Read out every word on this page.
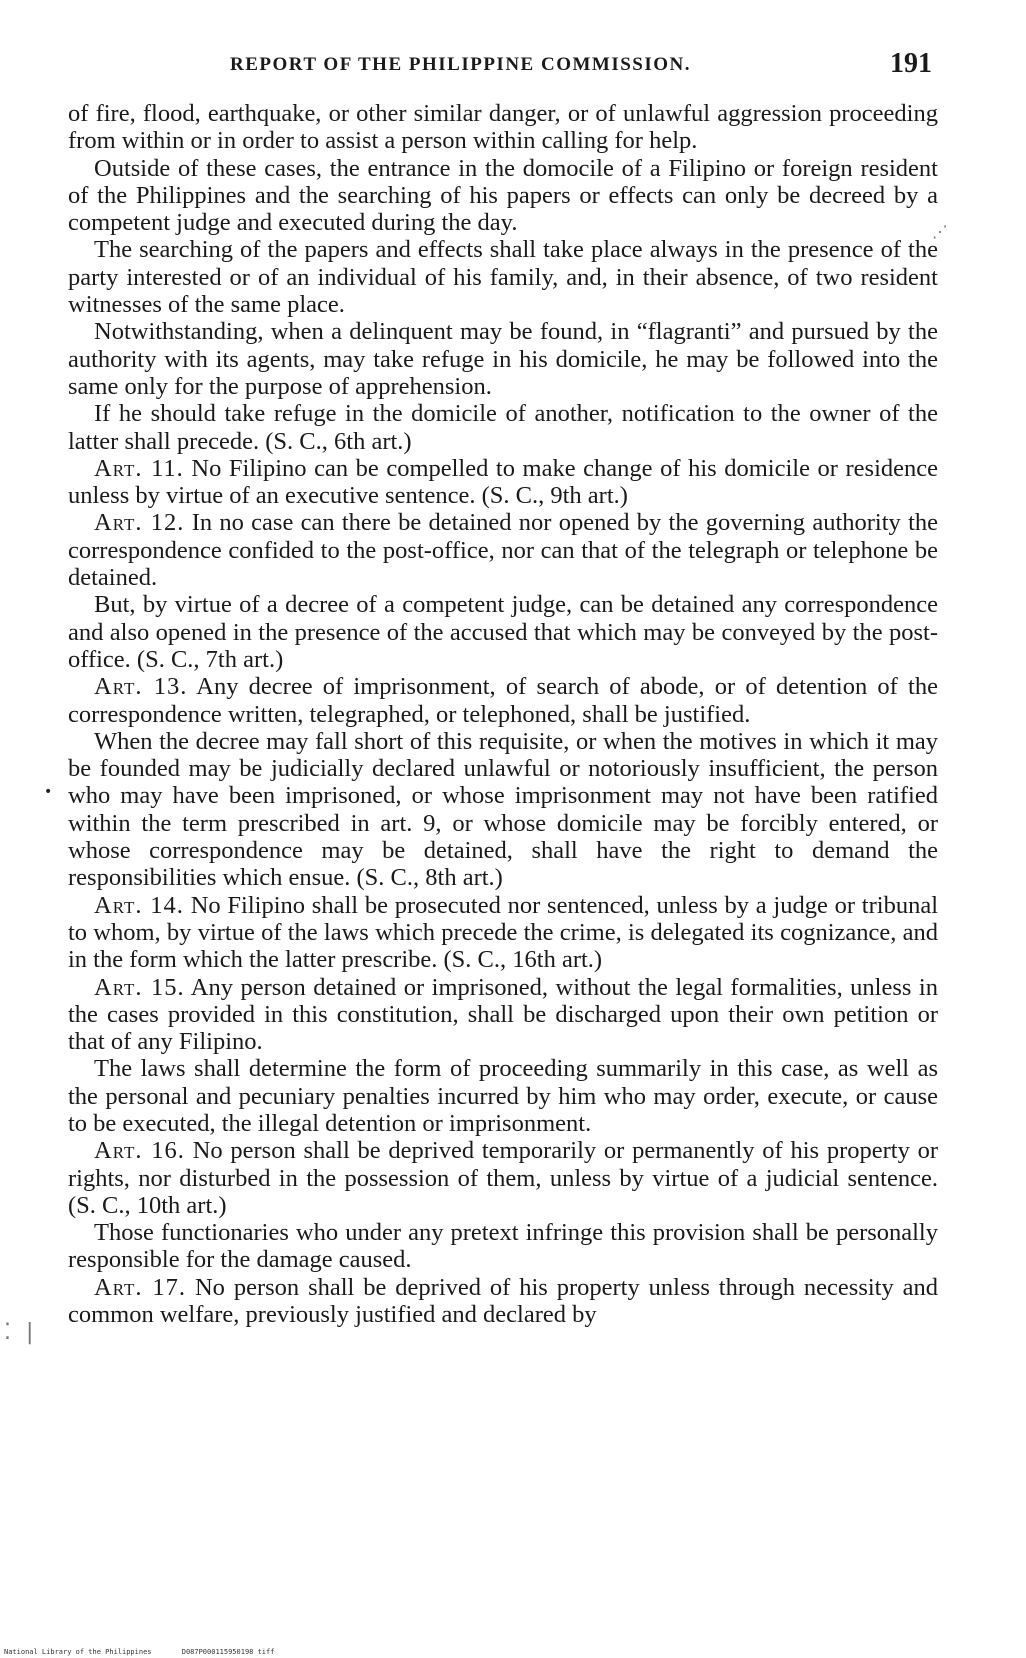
REPORT OF THE PHILIPPINE COMMISSION.	191

of fire, flood, earthquake, or other similar danger, or of unlawful aggression proceeding from within or in order to assist a person within calling for help.

Outside of these cases, the entrance in the domocile of a Filipino or foreign resident of the Philippines and the searching of his papers or effects can only be decreed by a competent judge and executed during the day.

The searching of the papers and effects shall take place always in the presence of the party interested or of an individual of his family, and, in their absence, of two resident witnesses of the same place.

Notwithstanding, when a delinquent may be found, in “flagranti” and pursued by the authority with its agents, may take refuge in his domicile, he may be followed into the same only for the purpose of apprehension.

If he should take refuge in the domicile of another, notification to the owner of the latter shall precede. (S. C., 6th art.)

Art. 11. No Filipino can be compelled to make change of his domicile or residence unless by virtue of an executive sentence. (S. C., 9th art.)

Art. 12. In no case can there be detained nor opened by the governing authority the correspondence confided to the post-office, nor can that of the telegraph or telephone be detained.

But, by virtue of a decree of a competent judge, can be detained any correspondence and also opened in the presence of the accused that which may be conveyed by the post-office. (S. C., 7th art.)

Art. 13. Any decree of imprisonment, of search of abode, or of detention of the correspondence written, telegraphed, or telephoned, shall be justified.

When the decree may fall short of this requisite, or when the motives in which it may be founded may be judicially declared unlawful or notoriously insufficient, the person who may have been imprisoned, or whose imprisonment may not have been ratified within the term prescribed in art. 9, or whose domicile may be forcibly entered, or whose correspondence may be detained, shall have the right to demand the responsibilities which ensue. (S. C., 8th art.)

Art. 14. No Filipino shall be prosecuted nor sentenced, unless by a judge or tribunal to whom, by virtue of the laws which precede the crime, is delegated its cognizance, and in the form which the latter prescribe. (S. C., 16th art.)

Art. 15. Any person detained or imprisoned, without the legal formalities, unless in the cases provided in this constitution, shall be discharged upon their own petition or that of any Filipino.

The laws shall determine the form of proceeding summarily in this case, as well as the personal and pecuniary penalties incurred by him who may order, execute, or cause to be executed, the illegal detention or imprisonment.

Art. 16. No person shall be deprived temporarily or permanently of his property or rights, nor disturbed in the possession of them, unless by virtue of a judicial sentence. (S. C., 10th art.)

Those functionaries who under any pretext infringe this provision shall be personally responsible for the damage caused.

Art. 17. No person shall be deprived of his property unless through necessity and common welfare, previously justified and declared by

⋰
•
⁚ |
National Library of the Philippines	D087P000115950198 tiff
